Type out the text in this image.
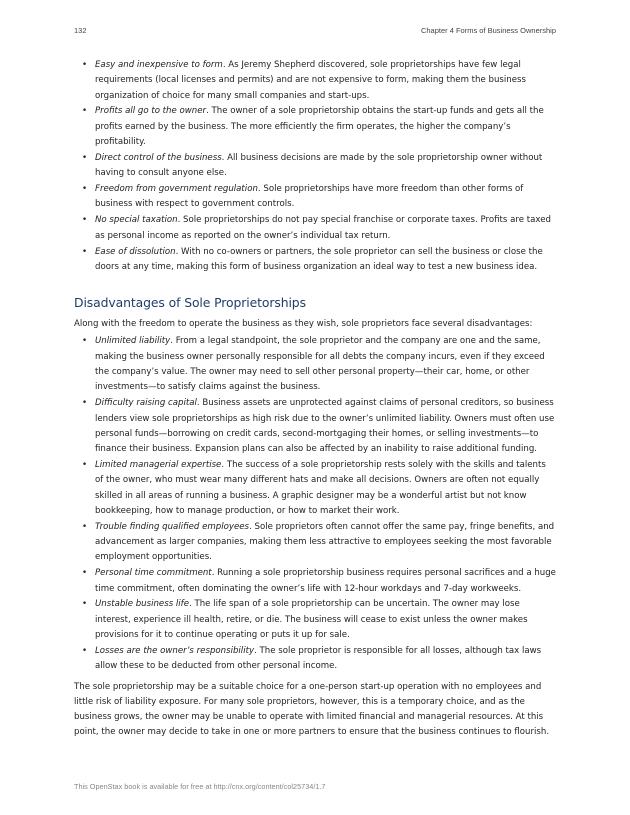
132	Chapter 4 Forms of Business Ownership
• Easy and inexpensive to form. As Jeremy Shepherd discovered, sole proprietorships have few legal requirements (local licenses and permits) and are not expensive to form, making them the business organization of choice for many small companies and start-ups.
• Profits all go to the owner. The owner of a sole proprietorship obtains the start-up funds and gets all the profits earned by the business. The more efficiently the firm operates, the higher the company’s profitability.
• Direct control of the business. All business decisions are made by the sole proprietorship owner without having to consult anyone else.
• Freedom from government regulation. Sole proprietorships have more freedom than other forms of business with respect to government controls.
• No special taxation. Sole proprietorships do not pay special franchise or corporate taxes. Profits are taxed as personal income as reported on the owner’s individual tax return.
• Ease of dissolution. With no co-owners or partners, the sole proprietor can sell the business or close the doors at any time, making this form of business organization an ideal way to test a new business idea.
Disadvantages of Sole Proprietorships

Along with the freedom to operate the business as they wish, sole proprietors face several disadvantages:

• Unlimited liability. From a legal standpoint, the sole proprietor and the company are one and the same, making the business owner personally responsible for all debts the company incurs, even if they exceed the company’s value. The owner may need to sell other personal property—their car, home, or other investments—to satisfy claims against the business.
• Difficulty raising capital. Business assets are unprotected against claims of personal creditors, so business lenders view sole proprietorships as high risk due to the owner’s unlimited liability. Owners must often use personal funds—borrowing on credit cards, second-mortgaging their homes, or selling investments—to finance their business. Expansion plans can also be affected by an inability to raise additional funding.
• Limited managerial expertise. The success of a sole proprietorship rests solely with the skills and talents of the owner, who must wear many different hats and make all decisions. Owners are often not equally skilled in all areas of running a business. A graphic designer may be a wonderful artist but not know bookkeeping, how to manage production, or how to market their work.
• Trouble finding qualified employees. Sole proprietors often cannot offer the same pay, fringe benefits, and advancement as larger companies, making them less attractive to employees seeking the most favorable employment opportunities.
• Personal time commitment. Running a sole proprietorship business requires personal sacrifices and a huge time commitment, often dominating the owner’s life with 12-hour workdays and 7-day workweeks.
• Unstable business life. The life span of a sole proprietorship can be uncertain. The owner may lose interest, experience ill health, retire, or die. The business will cease to exist unless the owner makes provisions for it to continue operating or puts it up for sale.
• Losses are the owner’s responsibility. The sole proprietor is responsible for all losses, although tax laws allow these to be deducted from other personal income.

The sole proprietorship may be a suitable choice for a one-person start-up operation with no employees and little risk of liability exposure. For many sole proprietors, however, this is a temporary choice, and as the business grows, the owner may be unable to operate with limited financial and managerial resources. At this point, the owner may decide to take in one or more partners to ensure that the business continues to flourish.

This OpenStax book is available for free at http://cnx.org/content/col25734/1.7
